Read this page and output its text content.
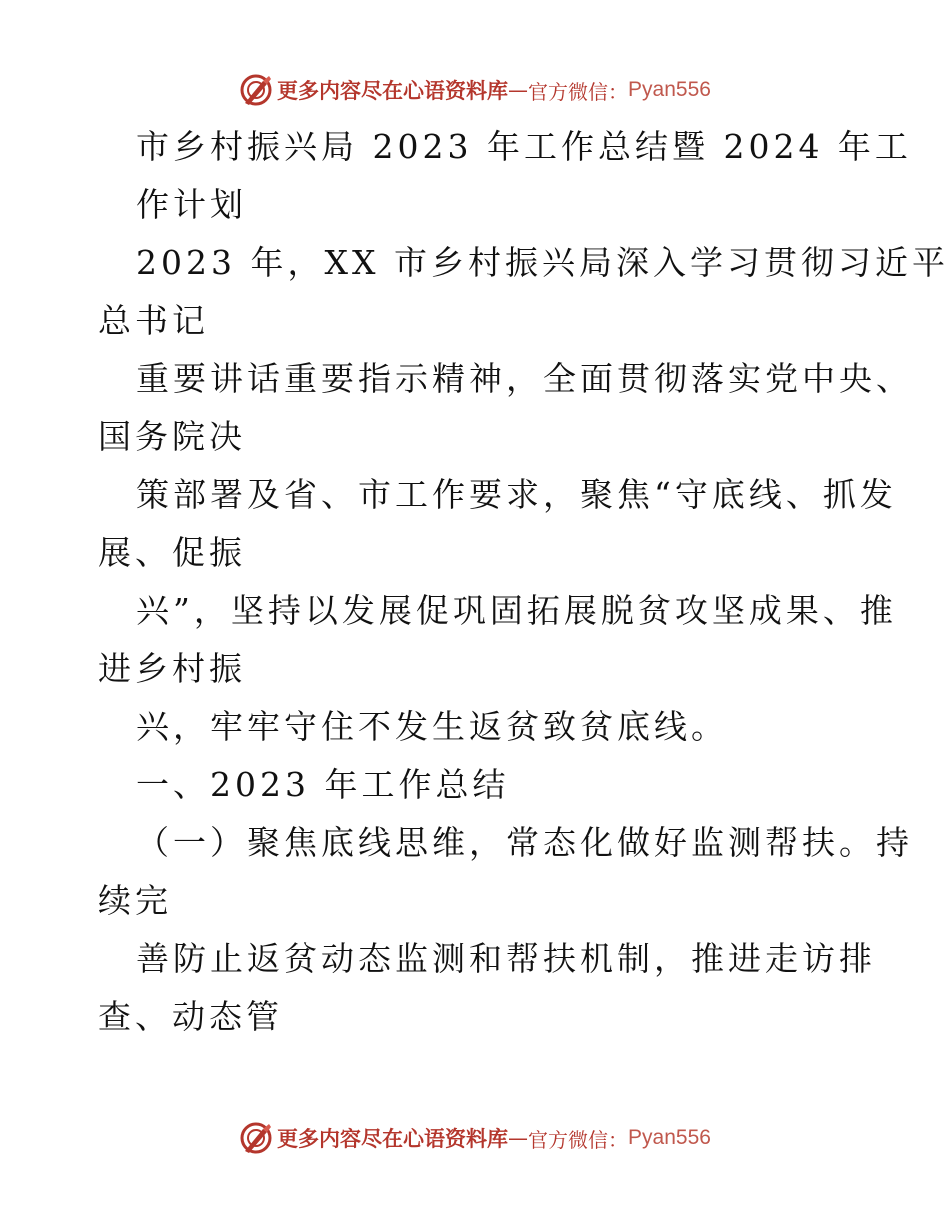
更多内容尽在心语资料库 — 官方微信： Pyan556
市乡村振兴局 2023 年工作总结暨 2024 年工
作计划
2023 年，XX 市乡村振兴局深入学习贯彻习近平
总书记
重要讲话重要指示精神，全面贯彻落实党中央、
国务院决
策部署及省、市工作要求，聚焦“守底线、抓发
展、促振
兴”，坚持以发展促巩固拓展脱贫攻坚成果、推
进乡村振
兴，牢牢守住不发生返贫致贫底线。
一、2023 年工作总结
（一）聚焦底线思维，常态化做好监测帮扶。持
续完
善防止返贫动态监测和帮扶机制，推进走访排
查、动态管
更多内容尽在心语资料库 — 官方微信： Pyan556
